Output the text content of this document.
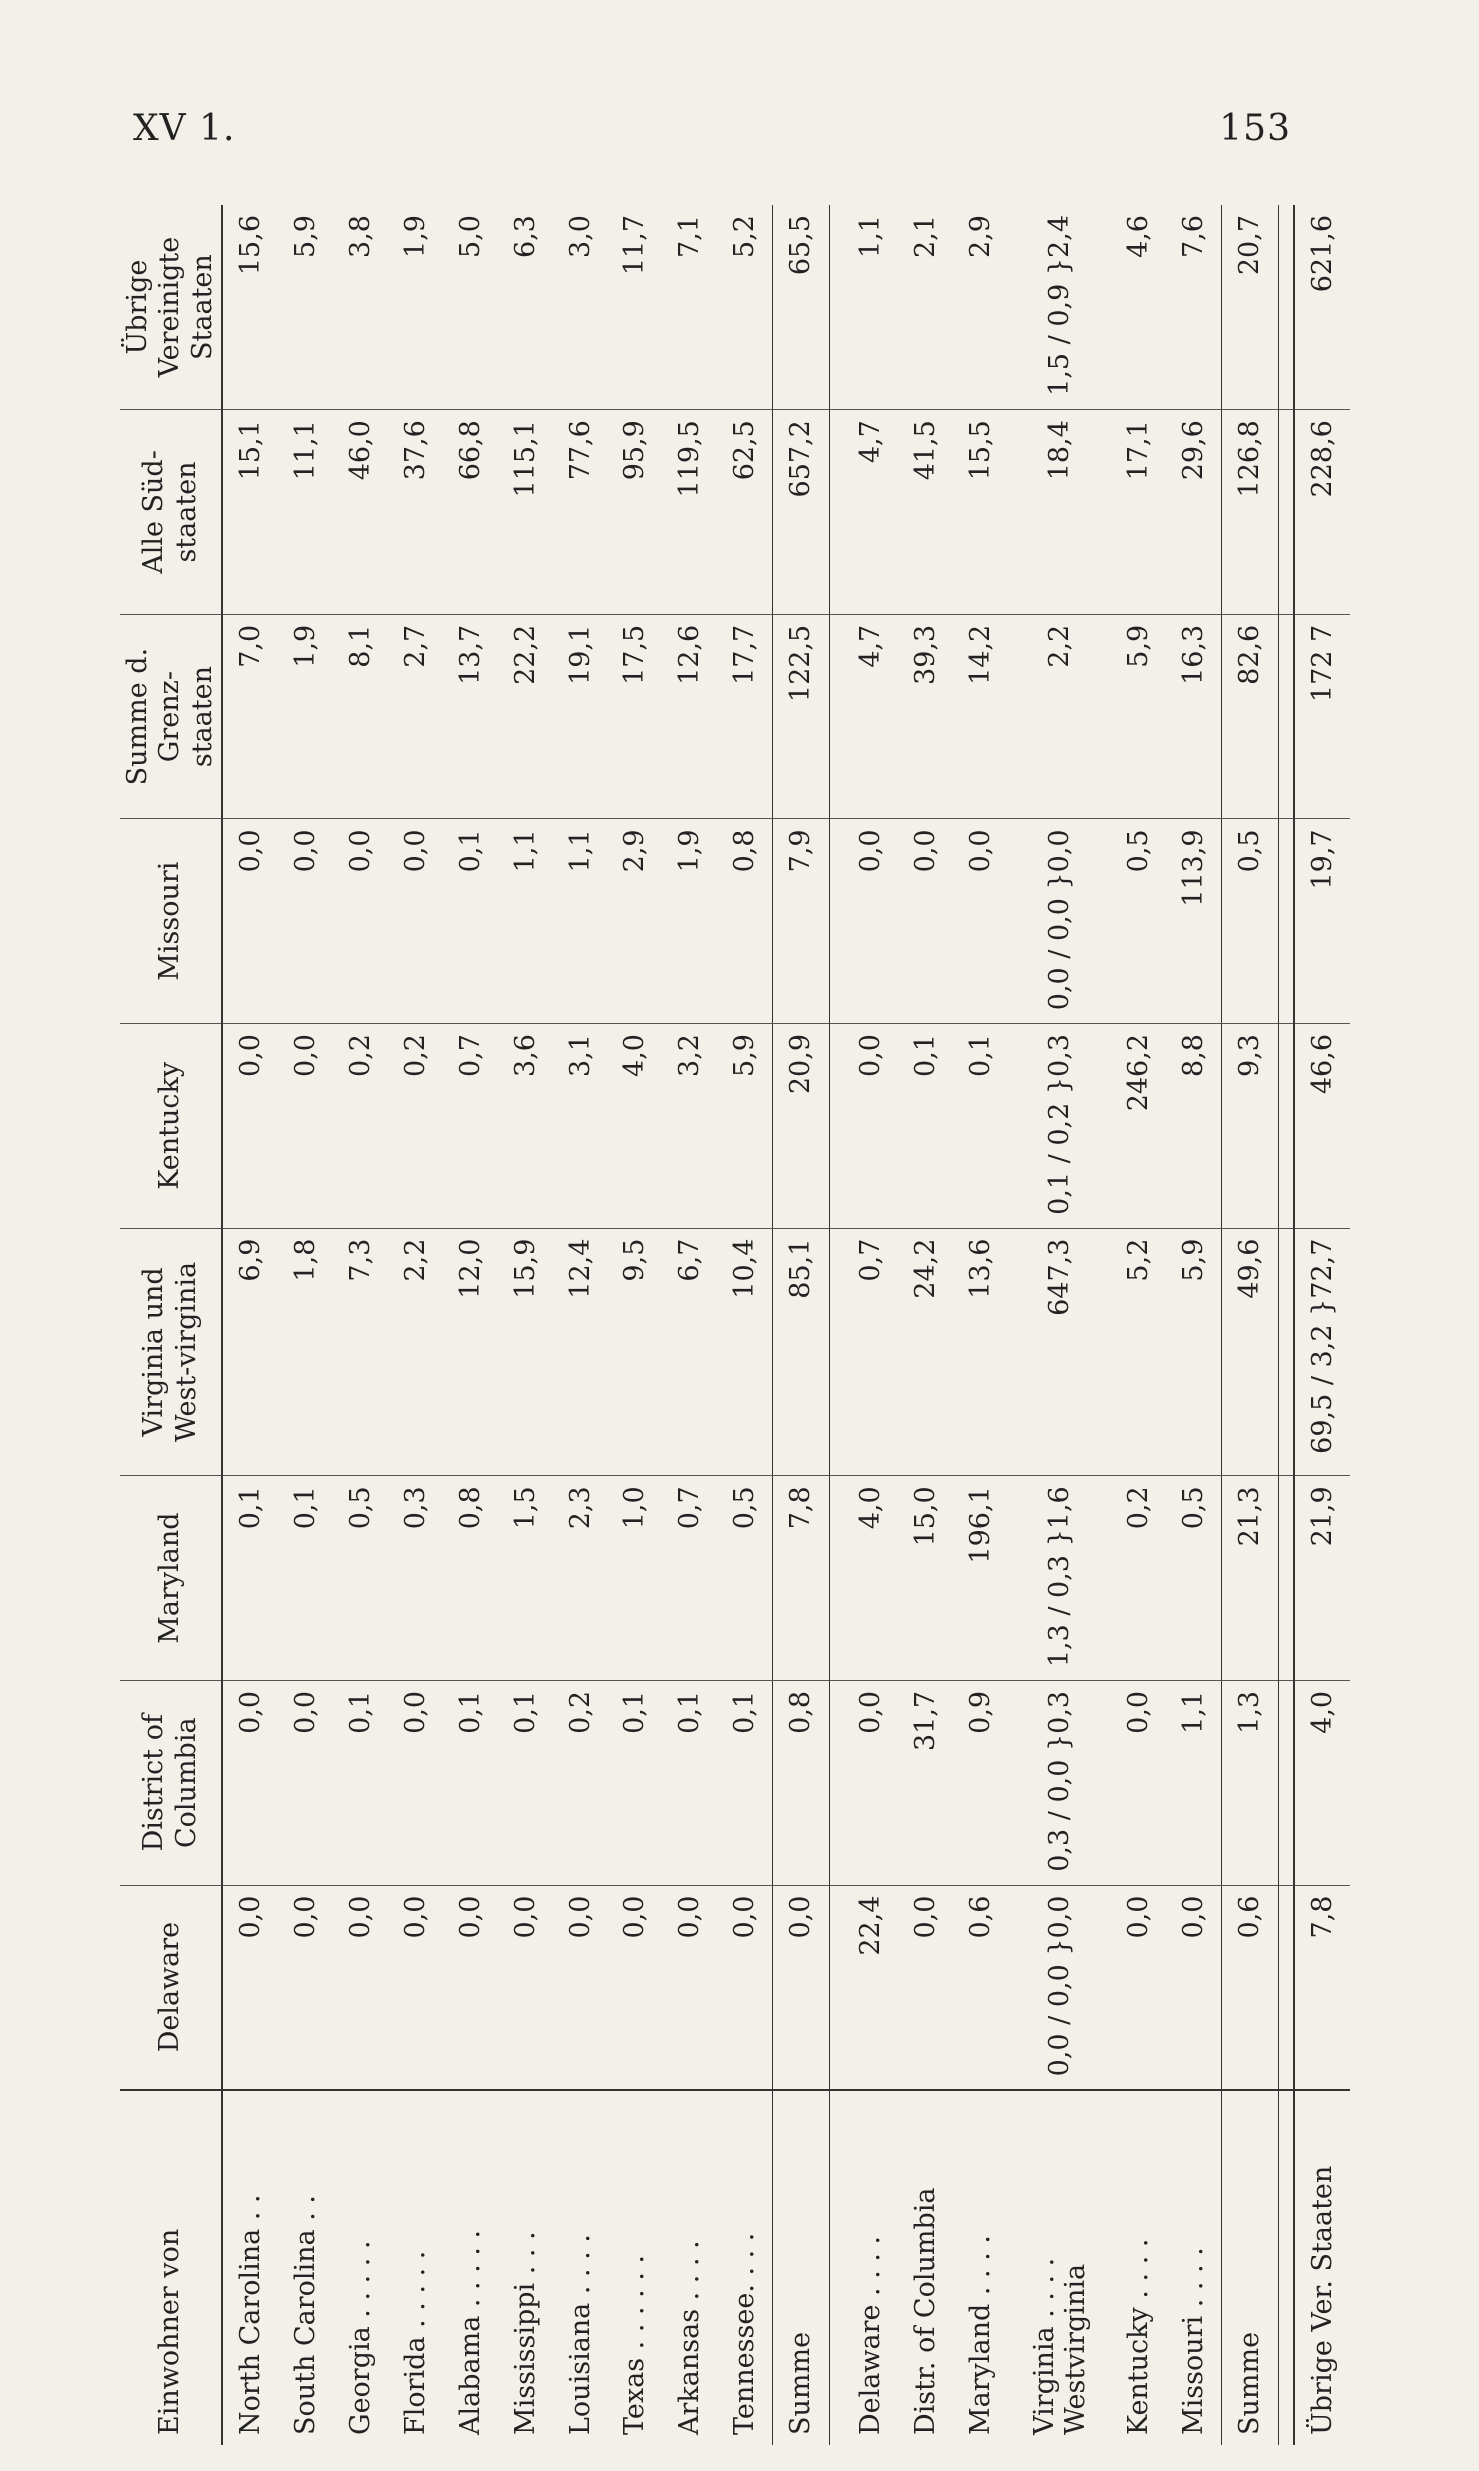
XV 1.	153
Einwohner von	Delaware	District of Columbia	Maryland	Virginia und West-virginia	Kentucky	Missouri	Summe d. Grenz-staaten	Alle Süd-staaten	Übrige Vereinigte Staaten
North Carolina . .	0,0	0,0	0,1	6,9	0,0	0,0	7,0	15,1	15,6
South Carolina . .	0,0	0,0	0,1	1,8	0,0	0,0	1,9	11,1	5,9
Georgia . . . . .	0,0	0,1	0,5	7,3	0,2	0,0	8,1	46,0	3,8
Florida . . . . .	0,0	0,0	0,3	2,2	0,2	0,0	2,7	37,6	1,9
Alabama . . . . .	0,0	0,1	0,8	12,0	0,7	0,1	13,7	66,8	5,0
Mississippi . . .	0,0	0,1	1,5	15,9	3,6	1,1	22,2	115,1	6,3
Louisiana . . . .	0,0	0,2	2,3	12,4	3,1	1,1	19,1	77,6	3,0
Texas . . . . . .	0,0	0,1	1,0	9,5	4,0	2,9	17,5	95,9	11,7
Arkansas . . . .	0,0	0,1	0,7	6,7	3,2	1,9	12,6	119,5	7,1
Tennessee. . . .	0,0	0,1	0,5	10,4	5,9	0,8	17,7	62,5	5,2
Summe	0,0	0,8	7,8	85,1	20,9	7,9	122,5	657,2	65,5

Delaware . . . .	22,4	0,0	4,0	0,7	0,0	0,0	4,7	4,7	1,1
Distr. of Columbia	0,0	31,7	15,0	24,2	0,1	0,0	39,3	41,5	2,1
Maryland . . . .	0,6	0,9	196,1	13,6	0,1	0,0	14,2	15,5	2,9
Virginia . . . .
Westvirginia	0,0 / 0,0 }0,0	0,3 / 0,0 }0,3	1,3 / 0,3 }1,6	647,3	0,1 / 0,2 }0,3	0,0 / 0,0 }0,0	2,2	18,4	1,5 / 0,9 }2,4
Kentucky . . . .	0,0	0,0	0,2	5,2	246,2	0,5	5,9	17,1	4,6
Missouri . . . .	0,0	1,1	0,5	5,9	8,8	113,9	16,3	29,6	7,6
Summe	0,6	1,3	21,3	49,6	9,3	0,5	82,6	126,8	20,7

Übrige Ver. Staaten	7,8	4,0	21,9	69,5 / 3,2 }72,7	46,6	19,7	172 7	228,6	621,6
